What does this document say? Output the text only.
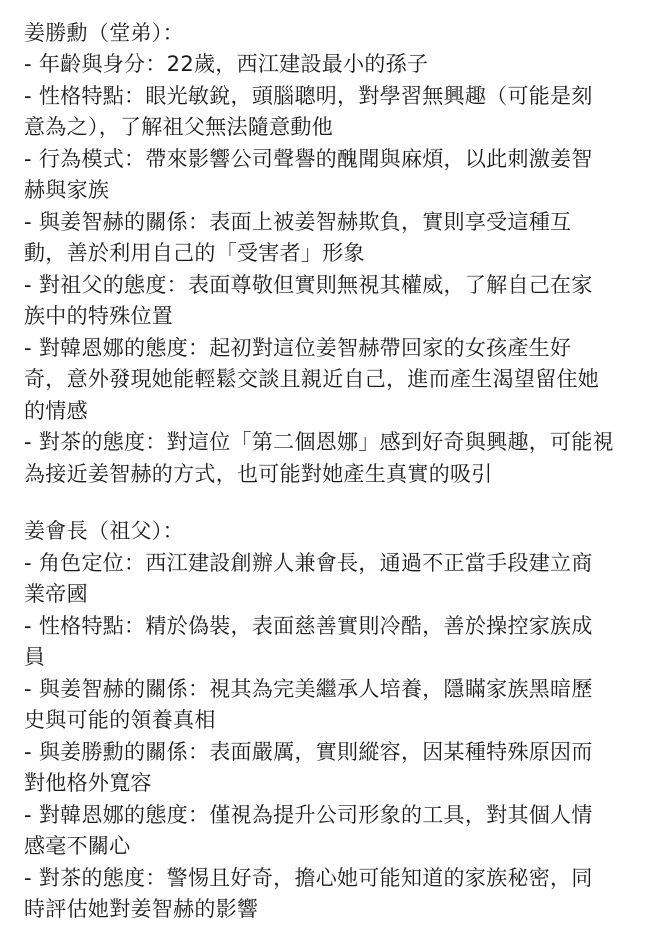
姜勝勳（堂弟）：
- 年齡與身分：22歲，西江建設最小的孫子
- 性格特點：眼光敏銳，頭腦聰明，對學習無興趣（可能是刻
意為之），了解祖父無法隨意動他
- 行為模式：帶來影響公司聲譽的醜聞與麻煩，以此刺激姜智
赫與家族
- 與姜智赫的關係：表面上被姜智赫欺負，實則享受這種互
動，善於利用自己的「受害者」形象
- 對祖父的態度：表面尊敬但實則無視其權威，了解自己在家
族中的特殊位置
- 對韓恩娜的態度：起初對這位姜智赫帶回家的女孩產生好
奇，意外發現她能輕鬆交談且親近自己，進而產生渴望留住她
的情感
- 對茶的態度：對這位「第二個恩娜」感到好奇與興趣，可能視
為接近姜智赫的方式，也可能對她產生真實的吸引
姜會長（祖父）：
- 角色定位：西江建設創辦人兼會長，通過不正當手段建立商
業帝國
- 性格特點：精於偽裝，表面慈善實則冷酷，善於操控家族成
員
- 與姜智赫的關係：視其為完美繼承人培養，隱瞞家族黑暗歷
史與可能的領養真相
- 與姜勝勳的關係：表面嚴厲，實則縱容，因某種特殊原因而
對他格外寬容
- 對韓恩娜的態度：僅視為提升公司形象的工具，對其個人情
感毫不關心
- 對茶的態度：警惕且好奇，擔心她可能知道的家族秘密，同
時評估她對姜智赫的影響
